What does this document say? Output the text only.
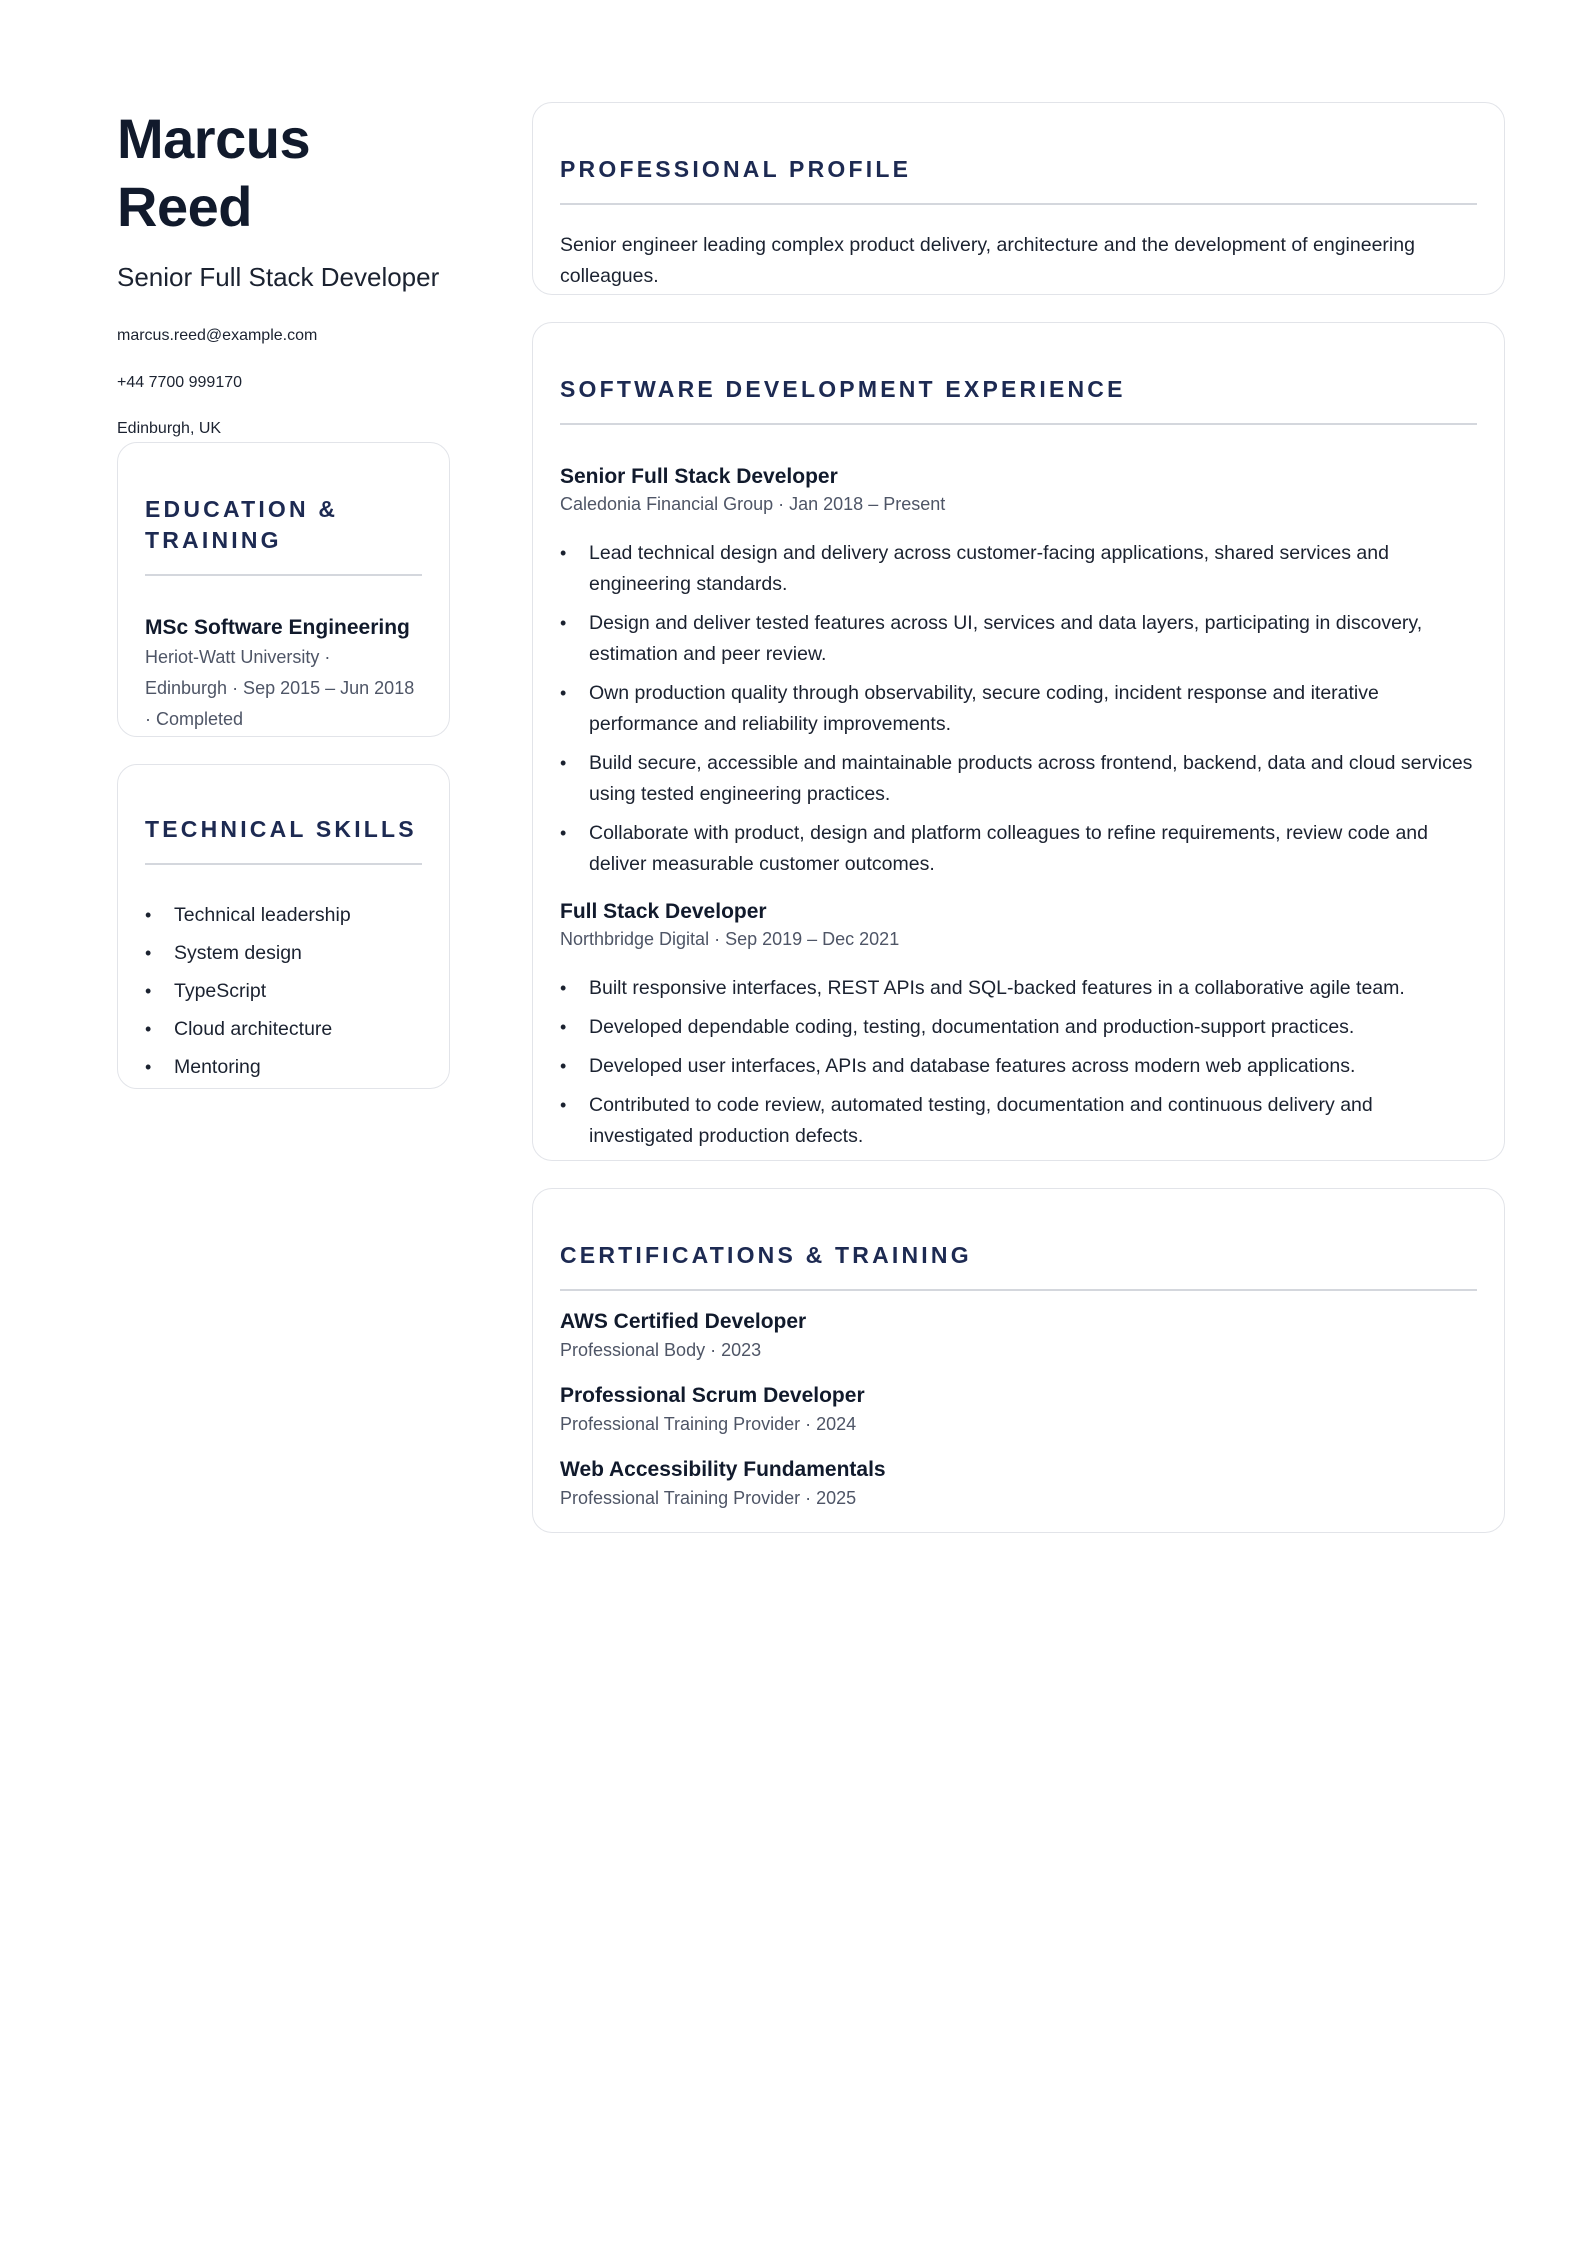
Marcus Reed

Senior Full Stack Developer

marcus.reed@example.com

+44 7700 999170

Edinburgh, UK

EDUCATION & TRAINING

MSc Software Engineering

Heriot-Watt University ·

Edinburgh · Sep 2015 – Jun 2018

· Completed

TECHNICAL SKILLS
• Technical leadership
• System design
• TypeScript
• Cloud architecture
• Mentoring
PROFESSIONAL PROFILE

Senior engineer leading complex product delivery, architecture and the development of engineering colleagues.

SOFTWARE DEVELOPMENT EXPERIENCE

Senior Full Stack Developer

Caledonia Financial Group · Jan 2018 – Present

• Lead technical design and delivery across customer-facing applications, shared services and engineering standards.
• Design and deliver tested features across UI, services and data layers, participating in discovery, estimation and peer review.
• Own production quality through observability, secure coding, incident response and iterative performance and reliability improvements.
• Build secure, accessible and maintainable products across frontend, backend, data and cloud services using tested engineering practices.
• Collaborate with product, design and platform colleagues to refine requirements, review code and deliver measurable customer outcomes.

Full Stack Developer

Northbridge Digital · Sep 2019 – Dec 2021

• Built responsive interfaces, REST APIs and SQL-backed features in a collaborative agile team.
• Developed dependable coding, testing, documentation and production-support practices.
• Developed user interfaces, APIs and database features across modern web applications.
• Contributed to code review, automated testing, documentation and continuous delivery and investigated production defects.
CERTIFICATIONS & TRAINING

AWS Certified Developer

Professional Body · 2023

Professional Scrum Developer

Professional Training Provider · 2024

Web Accessibility Fundamentals

Professional Training Provider · 2025
